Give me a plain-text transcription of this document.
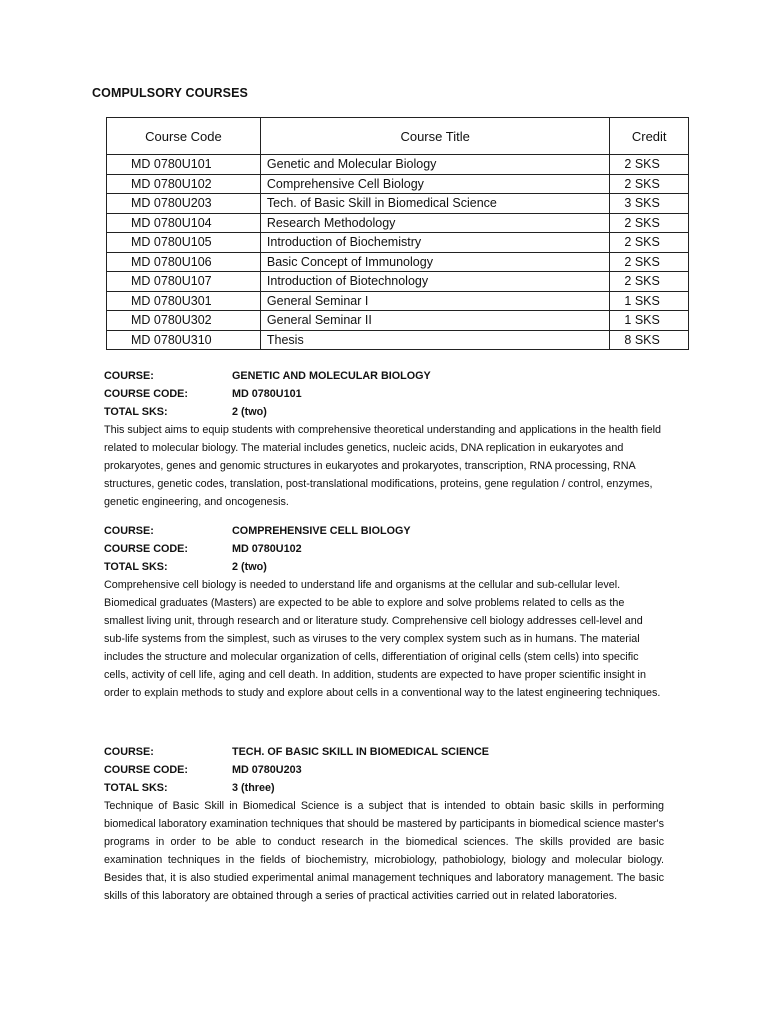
COMPULSORY COURSES
Course Code	Course Title	Credit
MD 0780U101	Genetic and Molecular Biology	2 SKS
MD 0780U102	Comprehensive Cell Biology	2 SKS
MD 0780U203	Tech. of Basic Skill in Biomedical Science	3 SKS
MD 0780U104	Research Methodology	2 SKS
MD 0780U105	Introduction of Biochemistry	2 SKS
MD 0780U106	Basic Concept of Immunology	2 SKS
MD 0780U107	Introduction of Biotechnology	2 SKS
MD 0780U301	General Seminar I	1 SKS
MD 0780U302	General Seminar II	1 SKS
MD 0780U310	Thesis	8 SKS
COURSE:	GENETIC AND MOLECULAR BIOLOGY
COURSE CODE:	MD 0780U101
TOTAL SKS:	2 (two)

This subject aims to equip students with comprehensive theoretical understanding and applications in the health field related to molecular biology. The material includes genetics, nucleic acids, DNA replication in eukaryotes and prokaryotes, genes and genomic structures in eukaryotes and prokaryotes, transcription, RNA processing, RNA structures, genetic codes, translation, post-translational modifications, proteins, gene regulation / control, enzymes, genetic engineering, and oncogenesis.

COURSE:	COMPREHENSIVE CELL BIOLOGY
COURSE CODE:	MD 0780U102
TOTAL SKS:	2 (two)

Comprehensive cell biology is needed to understand life and organisms at the cellular and sub-cellular level. Biomedical graduates (Masters) are expected to be able to explore and solve problems related to cells as the smallest living unit, through research and or literature study. Comprehensive cell biology addresses cell-level and sub-life systems from the simplest, such as viruses to the very complex system such as in humans. The material includes the structure and molecular organization of cells, differentiation of original cells (stem cells) into specific cells, activity of cell life, aging and cell death. In addition, students are expected to have proper scientific insight in order to explain methods to study and explore about cells in a conventional way to the latest engineering techniques.

COURSE:	TECH. OF BASIC SKILL IN BIOMEDICAL SCIENCE
COURSE CODE:	MD 0780U203
TOTAL SKS:	3 (three)

Technique of Basic Skill in Biomedical Science is a subject that is intended to obtain basic skills in performing biomedical laboratory examination techniques that should be mastered by participants in biomedical science master's programs in order to be able to conduct research in the biomedical sciences. The skills provided are basic examination techniques in the fields of biochemistry, microbiology, pathobiology, biology and molecular biology. Besides that, it is also studied experimental animal management techniques and laboratory management. The basic skills of this laboratory are obtained through a series of practical activities carried out in related laboratories.
